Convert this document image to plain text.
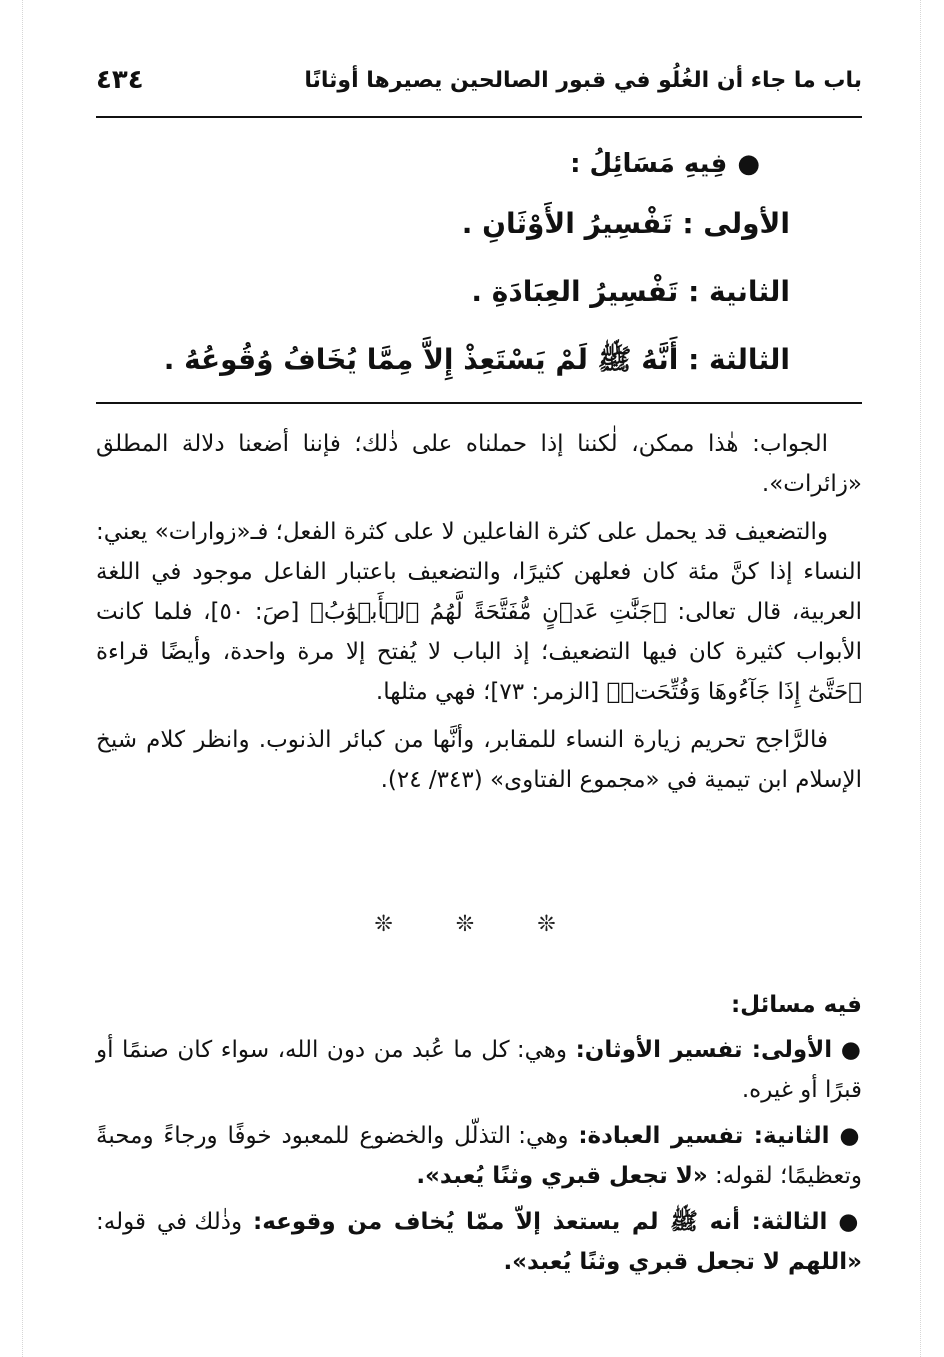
باب ما جاء أن الغُلُو في قبور الصالحين يصيرها أوثانًا
٤٣٤
●فِيهِ مَسَائِلُ :
الأولى : تَفْسِيرُ الأَوْثَانِ .
الثانية : تَفْسِيرُ العِبَادَةِ .
الثالثة : أَنَّهُ ﷺ لَمْ يَسْتَعِذْ إِلاَّ مِمَّا يُخَافُ وُقُوعُهُ .

الجواب: هٰذا ممكن، لٰكننا إذا حملناه على ذٰلك؛ فإننا أضعنا دلالة المطلق «زائرات».

والتضعيف قد يحمل على كثرة الفاعلين لا على كثرة الفعل؛ فـ«زوارات» يعني: النساء إذا كنَّ مئة كان فعلهن كثيرًا، والتضعيف باعتبار الفاعل موجود في اللغة العربية، قال تعالى: ﴿جَنَّٰتِ عَدۡنٍ مُّفَتَّحَةً لَّهُمُ ٱلۡأَبۡوَٰبُ﴾ [صَ: ٥٠]، فلما كانت الأبواب كثيرة كان فيها التضعيف؛ إذ الباب لا يُفتح إلا مرة واحدة، وأيضًا قراءة ﴿حَتَّىٰٓ إِذَا جَآءُوهَا وَفُتِّحَتۡ﴾ [الزمر: ٧٣]؛ فهي مثلها.

فالرَّاجح تحريم زيارة النساء للمقابر، وأنَّها من كبائر الذنوب. وانظر كلام شيخ الإسلام ابن تيمية في «مجموع الفتاوى» (٣٤٣/ ٢٤).

❊ ❊ ❊
فيه مسائل:

● الأولى: تفسير الأوثان: وهي: كل ما عُبد من دون الله، سواء كان صنمًا أو قبرًا أو غيره.

● الثانية: تفسير العبادة: وهي: التذلّل والخضوع للمعبود خوفًا ورجاءً ومحبةً وتعظيمًا؛ لقوله: «لا تجعل قبري وثنًا يُعبد».

● الثالثة: أنه ﷺ لم يستعذ إلاّ ممّا يُخاف من وقوعه: وذٰلك في قوله: «اللهم لا تجعل قبري وثنًا يُعبد».
